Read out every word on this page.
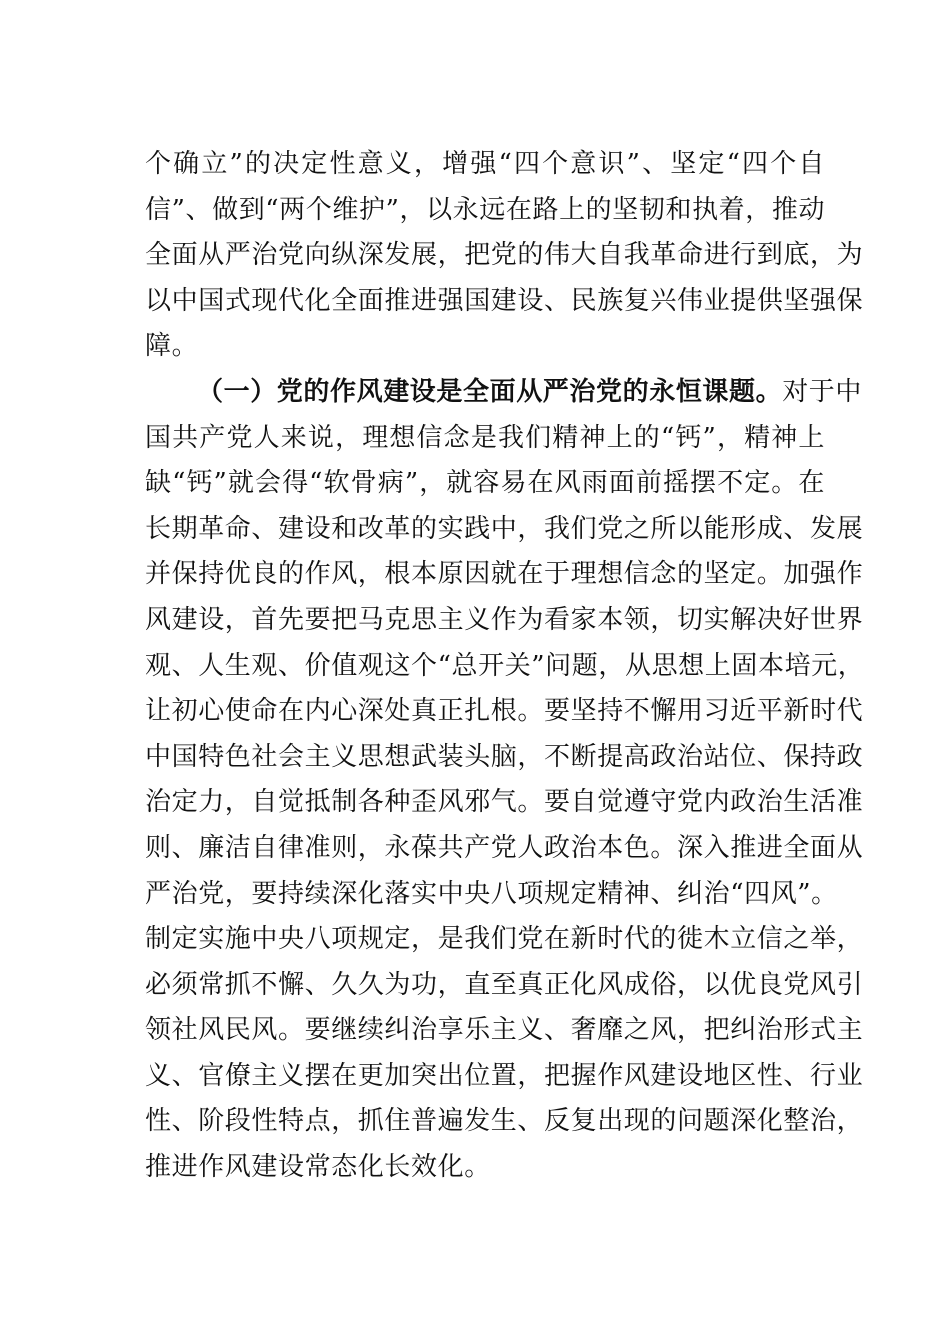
个确立”的决定性意义，增强“四个意识”、坚定“四个自
信”、做到“两个维护”，以永远在路上的坚韧和执着，推动
全面从严治党向纵深发展，把党的伟大自我革命进行到底，为
以中国式现代化全面推进强国建设、民族复兴伟业提供坚强保
障。
（一）党的作风建设是全面从严治党的永恒课题。对于中
国共产党人来说，理想信念是我们精神上的“钙”，精神上
缺“钙”就会得“软骨病”，就容易在风雨面前摇摆不定。在
长期革命、建设和改革的实践中，我们党之所以能形成、发展
并保持优良的作风，根本原因就在于理想信念的坚定。加强作
风建设，首先要把马克思主义作为看家本领，切实解决好世界
观、人生观、价值观这个“总开关”问题，从思想上固本培元，
让初心使命在内心深处真正扎根。要坚持不懈用习近平新时代
中国特色社会主义思想武装头脑，不断提高政治站位、保持政
治定力，自觉抵制各种歪风邪气。要自觉遵守党内政治生活准
则、廉洁自律准则，永葆共产党人政治本色。深入推进全面从
严治党，要持续深化落实中央八项规定精神、纠治“四风”。
制定实施中央八项规定，是我们党在新时代的徙木立信之举，
必须常抓不懈、久久为功，直至真正化风成俗，以优良党风引
领社风民风。要继续纠治享乐主义、奢靡之风，把纠治形式主
义、官僚主义摆在更加突出位置，把握作风建设地区性、行业
性、阶段性特点，抓住普遍发生、反复出现的问题深化整治，
推进作风建设常态化长效化。
